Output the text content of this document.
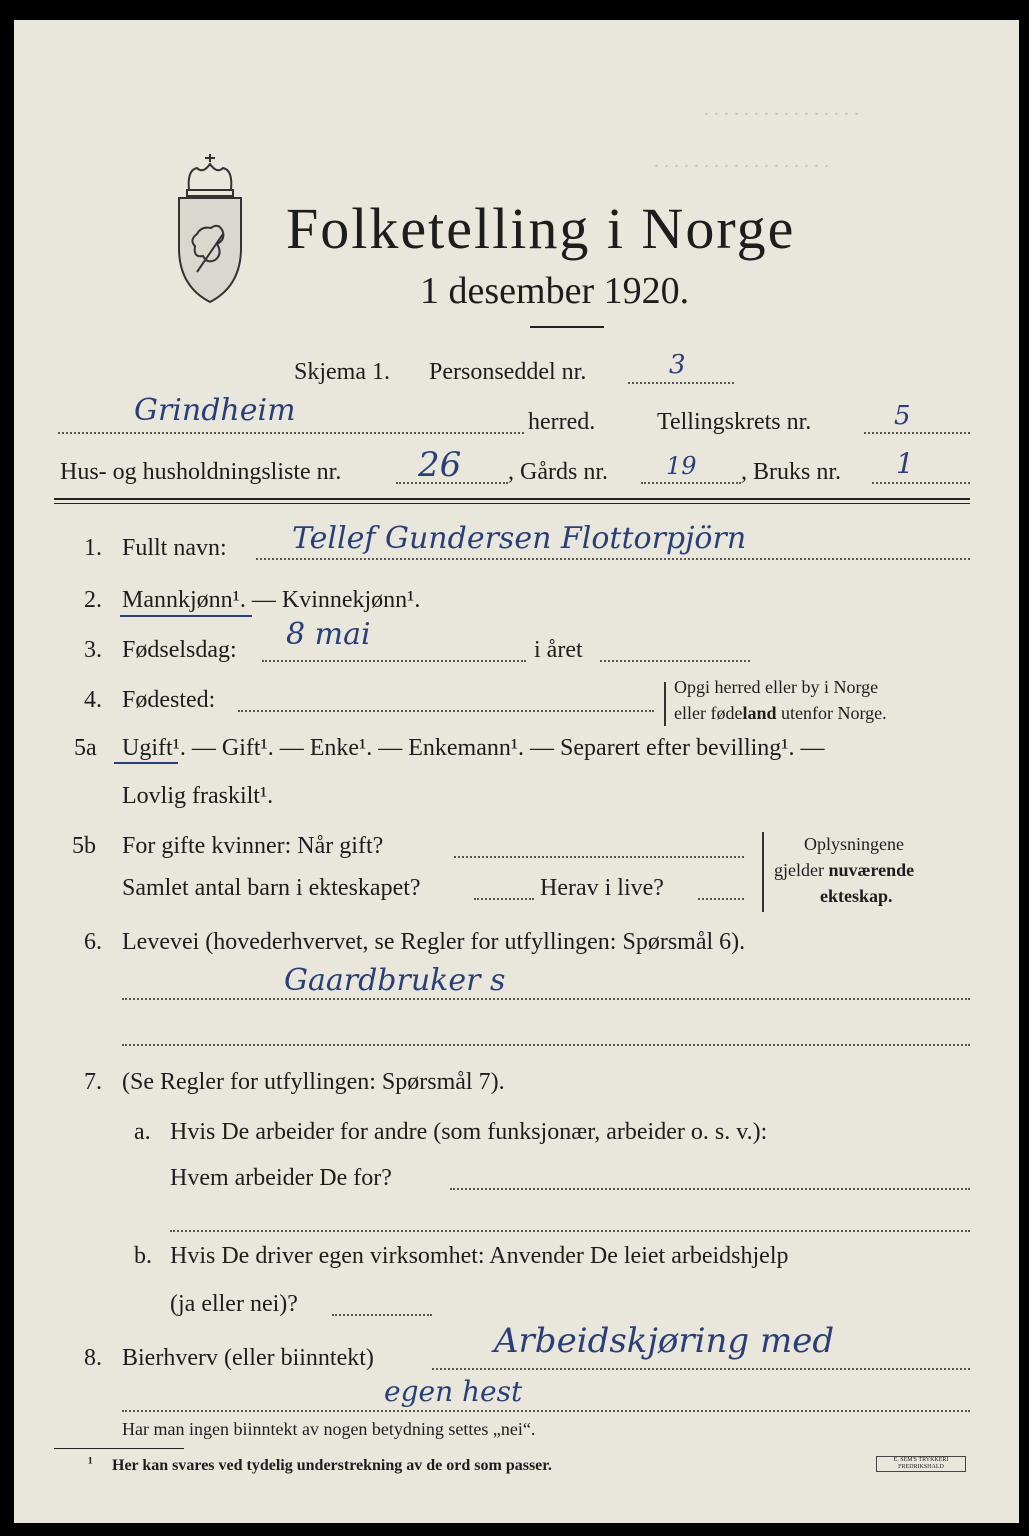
. . . . . . . . . . . . . . . .
. . . . . . . . . . . . . . . . . .
Folketelling i Norge
1 desember 1920.
Skjema 1. Personseddel nr.	3
Grindheim	herred.	Tellingskrets nr.	5
Hus- og husholdningsliste nr. 26 , Gårds nr. 19 , Bruks nr. 1
1. Fullt navn: Tellef Gundersen Flottorpjörn
2. Mannkjønn¹. — Kvinnekjønn¹.
3. Fødselsdag: 8 mai	i året
4. Fødested:	Opgi herred eller by i Norge
eller fødeland utenfor Norge.
5a Ugift¹. — Gift¹. — Enke¹. — Enkemann¹. — Separert efter bevilling¹. —
Lovlig fraskilt¹.
5b For gifte kvinner: Når gift?
Samlet antal barn i ekteskapet?	Herav i live?
Oplysningene
gjelder nuværende
ekteskap.
6. Levevei (hovederhvervet, se Regler for utfyllingen: Spørsmål 6).
Gaardbruker s
7. (Se Regler for utfyllingen: Spørsmål 7).
a. Hvis De arbeider for andre (som funksjonær, arbeider o. s. v.):
Hvem arbeider De for?
b. Hvis De driver egen virksomhet: Anvender De leiet arbeidshjelp
(ja eller nei)?
8. Bierhverv (eller biinntekt)	Arbeidskjøring med
egen hest
Har man ingen biinntekt av nogen betydning settes „nei“.
¹ Her kan svares ved tydelig understrekning av de ord som passer.	E. SEM'S TRYKKERI
FREDRIKSHALD
